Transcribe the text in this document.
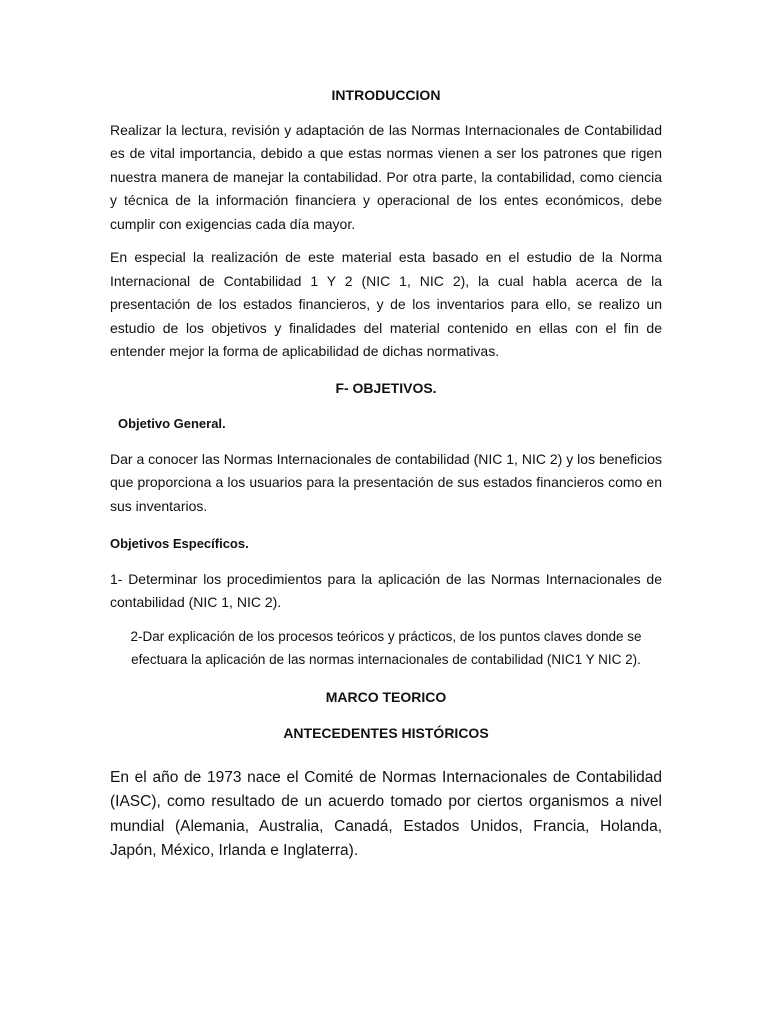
INTRODUCCION

Realizar la lectura, revisión y adaptación de las Normas Internacionales de Contabilidad es de vital importancia, debido a que estas normas vienen a ser los patrones que rigen nuestra manera de manejar la contabilidad. Por otra parte, la contabilidad, como ciencia y técnica de la información financiera y operacional de los entes económicos, debe cumplir con exigencias cada día mayor.

En especial la realización de este material esta basado en el estudio de la Norma Internacional de Contabilidad 1 Y 2 (NIC 1, NIC 2), la cual habla acerca de la presentación de los estados financieros, y de los inventarios para ello, se realizo un estudio de los objetivos y finalidades del material contenido en ellas con el fin de entender mejor la forma de aplicabilidad de dichas normativas.

F- OBJETIVOS.
Objetivo General.

Dar a conocer las Normas Internacionales de contabilidad (NIC 1, NIC 2) y los beneficios que proporciona a los usuarios para la presentación de sus estados financieros como en sus inventarios.

Objetivos Específicos.

1- Determinar los procedimientos para la aplicación de las Normas Internacionales de contabilidad (NIC 1, NIC 2).

2-Dar explicación de los procesos teóricos y prácticos, de los puntos claves donde se

efectuara la aplicación de las normas internacionales de contabilidad (NIC1 Y NIC 2).

MARCO TEORICO
ANTECEDENTES HISTÓRICOS

En el año de 1973 nace el Comité de Normas Internacionales de Contabilidad (IASC), como resultado de un acuerdo tomado por ciertos organismos a nivel mundial (Alemania, Australia, Canadá, Estados Unidos, Francia, Holanda, Japón, México, Irlanda e Inglaterra).
